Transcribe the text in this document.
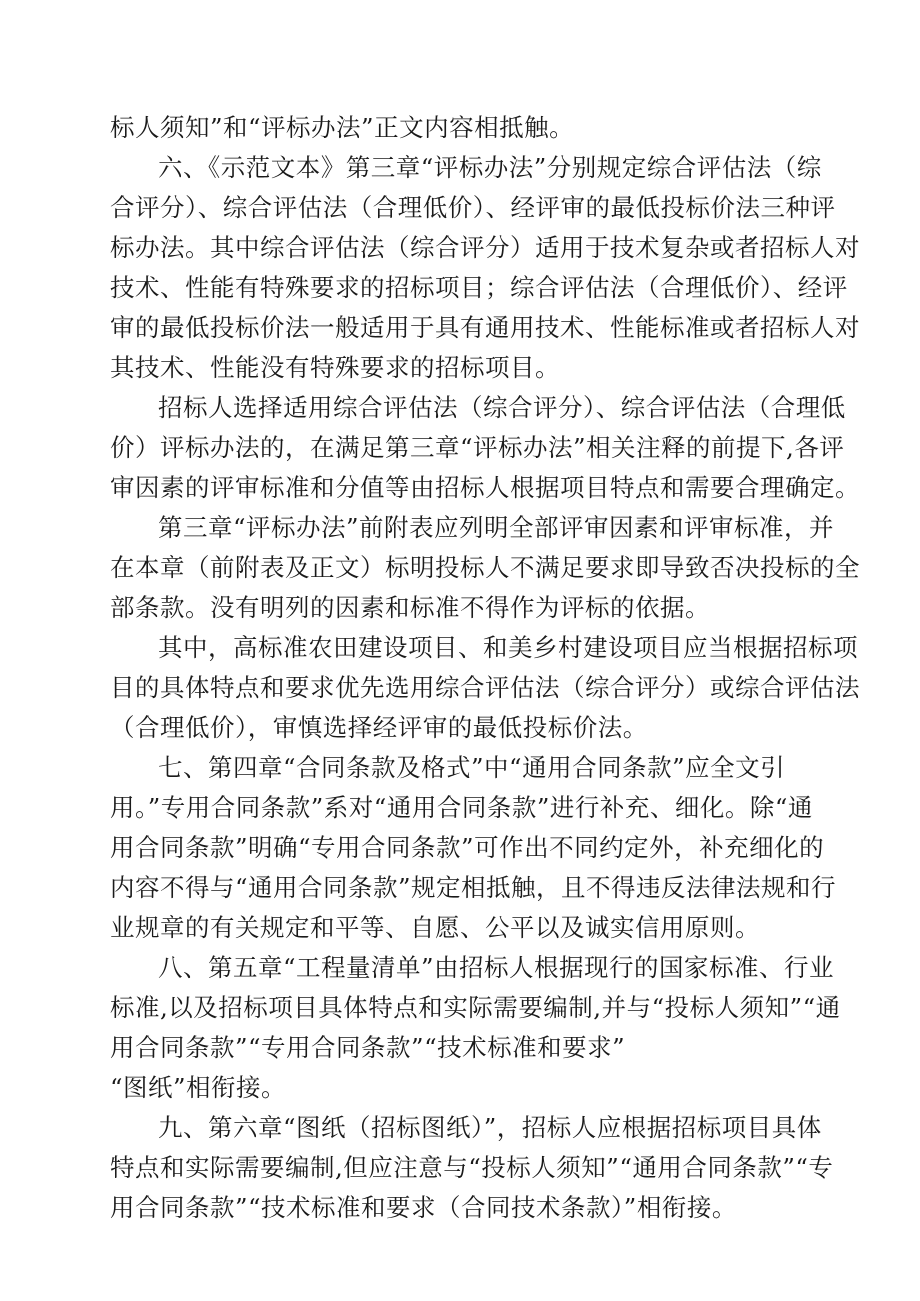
标人须知”和“评标办法”正文内容相抵触。
六、《示范文本》第三章“评标办法”分别规定综合评估法（综
合评分）、综合评估法（合理低价）、经评审的最低投标价法三种评
标办法。其中综合评估法（综合评分）适用于技术复杂或者招标人对
技术、性能有特殊要求的招标项目；综合评估法（合理低价）、经评
审的最低投标价法一般适用于具有通用技术、性能标准或者招标人对
其技术、性能没有特殊要求的招标项目。
招标人选择适用综合评估法（综合评分）、综合评估法（合理低
价）评标办法的，在满足第三章“评标办法”相关注释的前提下,各评
审因素的评审标准和分值等由招标人根据项目特点和需要合理确定。
第三章“评标办法”前附表应列明全部评审因素和评审标准，并
在本章（前附表及正文）标明投标人不满足要求即导致否决投标的全
部条款。没有明列的因素和标准不得作为评标的依据。
其中，高标准农田建设项目、和美乡村建设项目应当根据招标项
目的具体特点和要求优先选用综合评估法（综合评分）或综合评估法
（合理低价），审慎选择经评审的最低投标价法。
七、第四章“合同条款及格式”中“通用合同条款”应全文引
用。”专用合同条款”系对“通用合同条款”进行补充、细化。除“通
用合同条款”明确“专用合同条款”可作出不同约定外，补充细化的
内容不得与“通用合同条款”规定相抵触，且不得违反法律法规和行
业规章的有关规定和平等、自愿、公平以及诚实信用原则。
八、第五章“工程量清单”由招标人根据现行的国家标准、行业
标准,以及招标项目具体特点和实际需要编制,并与“投标人须知”“通
用合同条款”“专用合同条款”“技术标准和要求”
“图纸”相衔接。
九、第六章“图纸（招标图纸）”，招标人应根据招标项目具体
特点和实际需要编制,但应注意与“投标人须知”“通用合同条款”“专
用合同条款”“技术标准和要求（合同技术条款）”相衔接。
